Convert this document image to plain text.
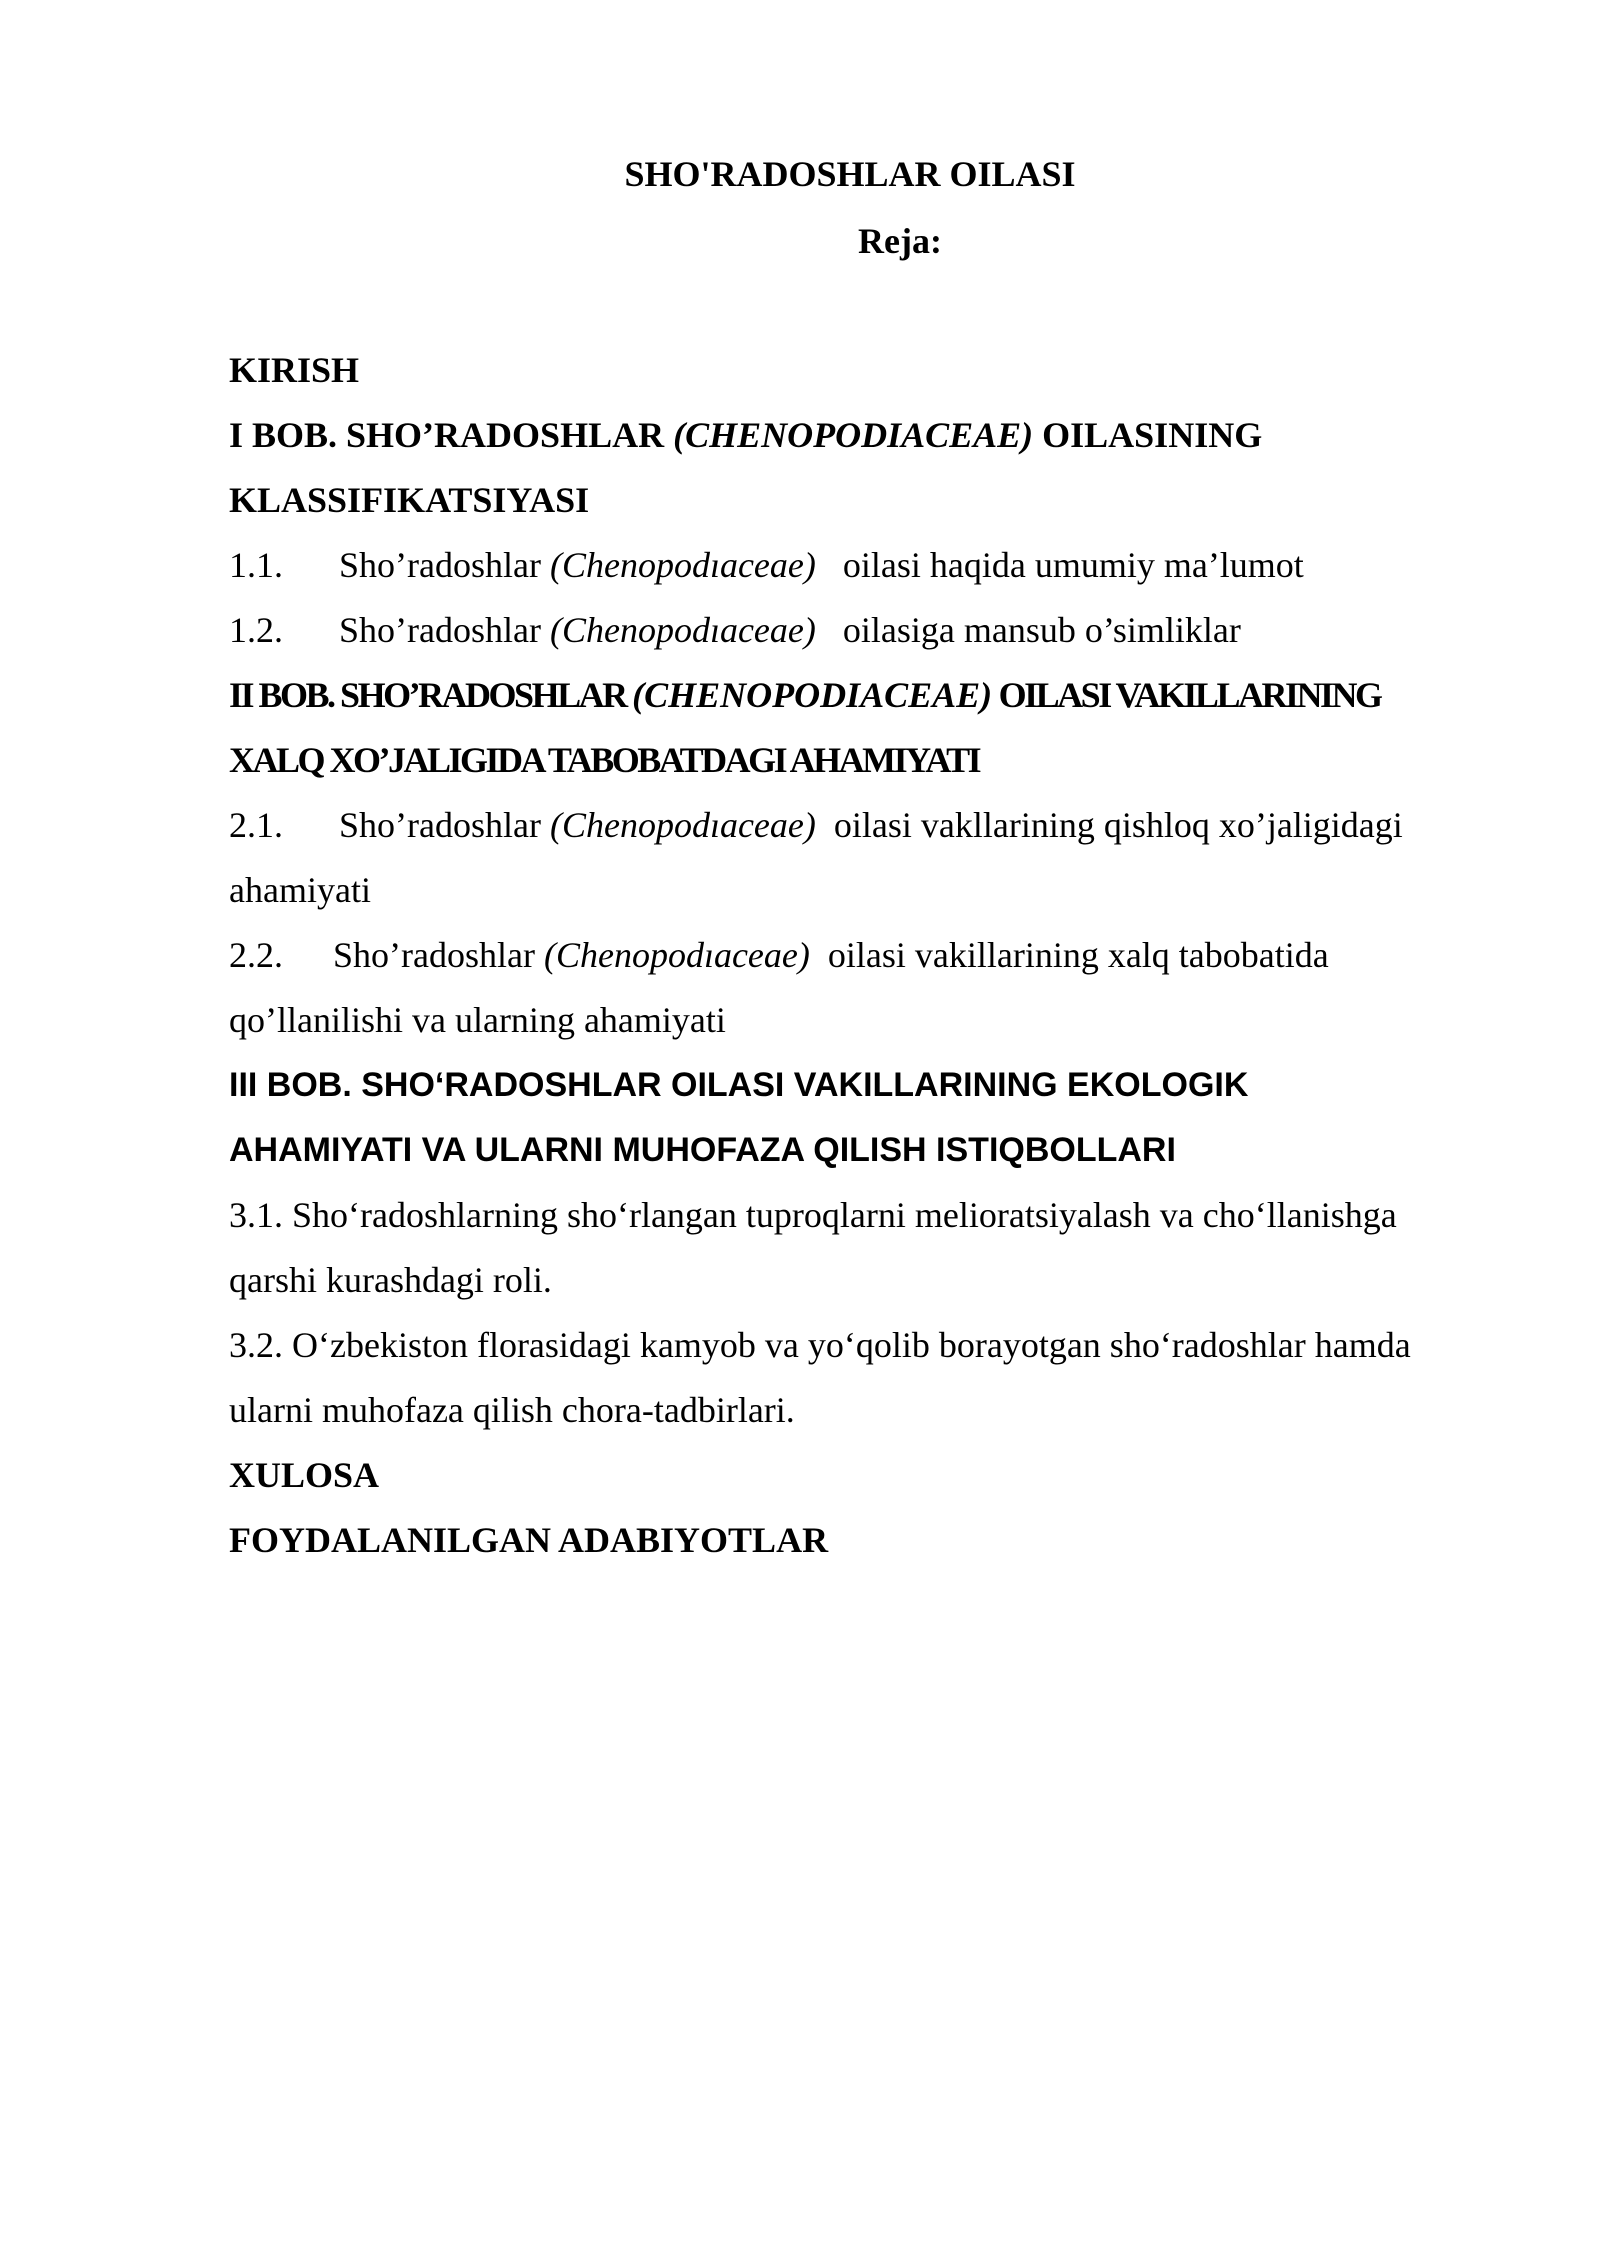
SHO'RADOSHLAR OILASI
Reja:
KIRISH
I BOB. SHO’RADOSHLAR (CHENOPODIACEAE) OILASINING
KLASSIFIKATSIYASI
1.1. Sho’radoshlar (Chenopodıaceae)   oilasi haqida umumiy ma’lumot
1.2. Sho’radoshlar (Chenopodıaceae)   oilasiga mansub o’simliklar
II BOB. SHO’RADOSHLAR (CHENOPODIACEAE) OILASI VAKILLARINING
XALQ XO’JALIGIDA TABOBATDAGI AHAMIYATI
2.1. Sho’radoshlar (Chenopodıaceae)  oilasi vakllarining qishloq xo’jaligidagi
ahamiyati
2.2. Sho’radoshlar (Chenopodıaceae)  oilasi vakillarining xalq tabobatida
qo’llanilishi va ularning ahamiyati
III BOB. SHO‘RADOSHLAR OILASI VAKILLARINING EKOLOGIK
AHAMIYATI VA ULARNI MUHOFAZA QILISH ISTIQBOLLARI
3.1. Sho‘radoshlarning sho‘rlangan tuproqlarni melioratsiyalash va cho‘llanishga
qarshi kurashdagi roli.
3.2. O‘zbekiston florasidagi kamyob va yo‘qolib borayotgan sho‘radoshlar hamda
ularni muhofaza qilish chora-tadbirlari.
XULOSA
FOYDALANILGAN ADABIYOTLAR
